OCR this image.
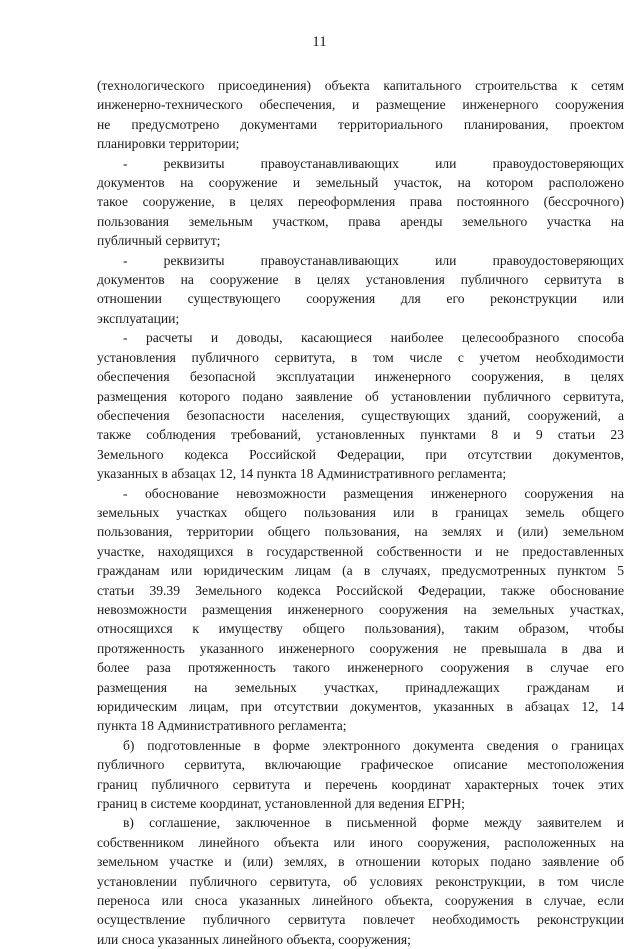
11

(технологического присоединения) объекта капитального строительства к сетям
инженерно-технического обеспечения, и размещение инженерного сооружения
не предусмотрено документами территориального планирования, проектом
планировки территории;

- реквизиты правоустанавливающих или правоудостоверяющих
документов на сооружение и земельный участок, на котором расположено
такое сооружение, в целях переоформления права постоянного (бессрочного)
пользования земельным участком, права аренды земельного участка на
публичный сервитут;

- реквизиты правоустанавливающих или правоудостоверяющих
документов на сооружение в целях установления публичного сервитута в
отношении существующего сооружения для его реконструкции или
эксплуатации;

- расчеты и доводы, касающиеся наиболее целесообразного способа
установления публичного сервитута, в том числе с учетом необходимости
обеспечения безопасной эксплуатации инженерного сооружения, в целях
размещения которого подано заявление об установлении публичного сервитута,
обеспечения безопасности населения, существующих зданий, сооружений, а
также соблюдения требований, установленных пунктами 8 и 9 статьи 23
Земельного кодекса Российской Федерации, при отсутствии документов,
указанных в абзацах 12, 14 пункта 18 Административного регламента;

- обоснование невозможности размещения инженерного сооружения на
земельных участках общего пользования или в границах земель общего
пользования, территории общего пользования, на землях и (или) земельном
участке, находящихся в государственной собственности и не предоставленных
гражданам или юридическим лицам (а в случаях, предусмотренных пунктом 5
статьи 39.39 Земельного кодекса Российской Федерации, также обоснование
невозможности размещения инженерного сооружения на земельных участках,
относящихся к имуществу общего пользования), таким образом, чтобы
протяженность указанного инженерного сооружения не превышала в два и
более раза протяженность такого инженерного сооружения в случае его
размещения на земельных участках, принадлежащих гражданам и
юридическим лицам, при отсутствии документов, указанных в абзацах 12, 14
пункта 18 Административного регламента;

б) подготовленные в форме электронного документа сведения о границах
публичного сервитута, включающие графическое описание местоположения
границ публичного сервитута и перечень координат характерных точек этих
границ в системе координат, установленной для ведения ЕГРН;

в) соглашение, заключенное в письменной форме между заявителем и
собственником линейного объекта или иного сооружения, расположенных на
земельном участке и (или) землях, в отношении которых подано заявление об
установлении публичного сервитута, об условиях реконструкции, в том числе
переноса или сноса указанных линейного объекта, сооружения в случае, если
осуществление публичного сервитута повлечет необходимость реконструкции
или сноса указанных линейного объекта, сооружения;
